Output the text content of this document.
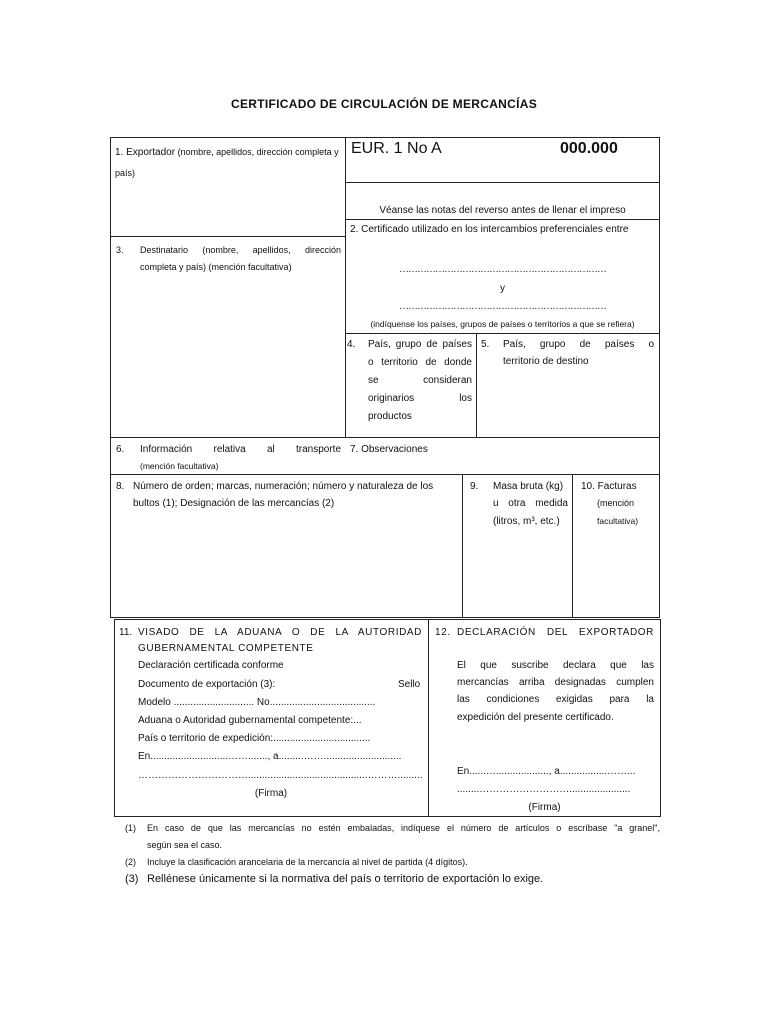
CERTIFICADO DE CIRCULACIÓN DE MERCANCÍAS
1. Exportador (nombre, apellidos, dirección completa y
país)
EUR. 1 No A	000.000
Véanse las notas del reverso antes de llenar el impreso
2. Certificado utilizado en los intercambios preferenciales entre
……………………………………………………………
y
……………………………………………………………
(indíquense los países, grupos de países o territorios a que se refiera)
3. Destinatario (nombre, apellidos, dirección
completa y país) (mención facultativa)
4. País, grupo de países
o territorio de donde
se consideran
originarios los
productos
5. País, grupo de países o
territorio de destino
6. Información relativa al transporte
(mención facultativa)
7. Observaciones
8. Número de orden; marcas, numeración; número y naturaleza de los
bultos (1); Designación de las mercancías (2)
9. Masa bruta (kg)
u otra medida
(litros, m³, etc.)
10. Facturas
(mención
facultativa)
11. VISADO DE LA ADUANA O DE LA AUTORIDAD
GUBERNAMENTAL COMPETENTE
Declaración certificada conforme
Documento de exportación (3):	Sello
Modelo ............................. No......................................
Aduana o Autoridad gubernamental competente:...
País o territorio de expedición:...................................
En............................……......., a.........……............................
……………………………...........................................……….........
(Firma)
12. DECLARACIÓN DEL EXPORTADOR
El que suscribe declara que las
mercancías arriba designadas cumplen
las condiciones exigidas para la
expedición del presente certificado.
En......…..................., a.................……...
........………………………......................
(Firma)
(1) En caso de que las mercancías no estén embaladas, indíquese el número de artículos o escríbase "a granel",
según sea el caso.
(2) Incluye la clasificación arancelaria de la mercancía al nivel de partida (4 dígitos).
(3) Rellénese únicamente si la normativa del país o territorio de exportación lo exige.
